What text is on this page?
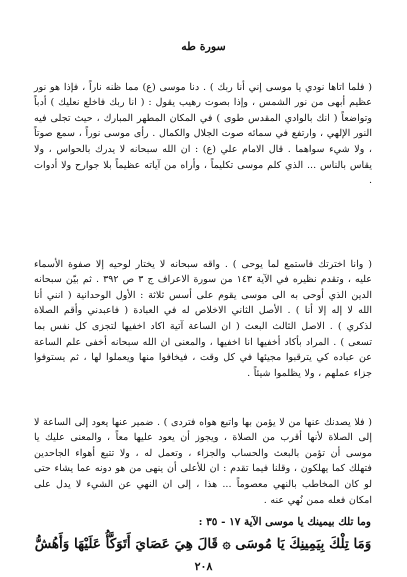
سورة طه

( فلما اتاها نودي يا موسى إني أنا ربك ) . دنا موسى (ع) مما ظنه ناراً ، فإذا هو نور عظيم أبهى من نور الشمس ، وإذا بصوت رهيب يقول : ( انا ربك فاخلع نعليك ) أدباً وتواضعاً ( انك بالوادي المقدس طوى ) في المكان المطهر المبارك ، حيث تجلى فيه النور الإلهي ، وارتفع في سمائه صوت الجلال والكمال . رأى موسى نوراً ، سمع صوتاً ، ولا شيء سواهما . قال الامام علي (ع) : ان الله سبحانه لا يدرك بالحواس ، ولا يقاس بالناس ... الذي كلم موسى تكليماً ، وأراه من آياته عظيماً بلا جوارح ولا أدوات .

( وانا اخترتك فاستمع لما يوحى ) . واقه سبحانه لا يختار لوحيه إلا صفوة الأسماء عليه ، وتقدم نظيره في الآية ١٤٣ من سورة الاعراف ج ٣ ص ٣٩٢ . ثم بيّن سبحانه الدين الذي أوحى به الى موسى يقوم على أسس ثلاثة : الأول الوحدانية ( انني أنا الله لا إله إلا أنا ) . الأصل الثاني الاخلاص له في العبادة ( فاعبدني وأقم الصلاة لذكري ) . الاصل الثالث البعث ( ان الساعة آتية اكاد اخفيها لتجزى كل نفس بما تسعى ) . المراد بأكاد أخفيها انا اخفيها ، والمعنى ان الله سبحانه أخفى علم الساعة عن عباده كي يترقبوا مجيئها في كل وقت ، فيخافوا منها ويعملوا لها ، ثم يستوفوا جزاء عملهم ، ولا يظلموا شيئاً .

( فلا يصدنك عنها من لا يؤمن بها واتبع هواه فتردى ) . ضمير عنها يعود إلى الساعة لا إلى الصلاة لأنها أقرب من الصلاة ، ويجوز أن يعود عليها معاً ، والمعنى عليك يا موسى أن تؤمن بالبعث والحساب والجزاء ، وتعمل له ، ولا تتبع أهواء الجاحدين فتهلك كما يهلكون ، وقلنا فيما تقدم : ان للأعلى أن ينهى من هو دونه عما يشاء حتى لو كان المخاطب بالنهي معصوماً ... هذا ، إلى ان النهي عن الشيء لا يدل على امكان فعله ممن نُهي عنه .

وما تلك بيمينك يا موسى الآية ١٧ - ٣٥ :
وَمَا تِلْكَ بِيَمِينِكَ يَا مُوسَى ۞ قَالَ هِيَ عَصَايَ أَتَوَكَّأُ عَلَيْهَا وَأَهُشُّ
٢٠٨
